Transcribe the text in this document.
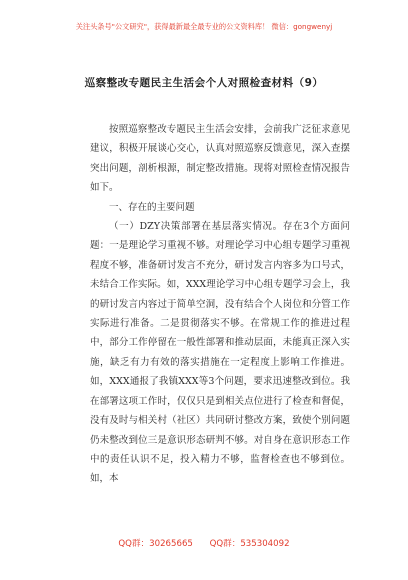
关注头条号"公文研究"，获得最新最全最专业的公文资料库！ 微信：gongwenyj
巡察整改专题民主生活会个人对照检查材料（9）

按照巡察整改专题民主生活会安排，会前我广泛征求意见建议，积极开展谈心交心，认真对照巡察反馈意见，深入查摆突出问题，剖析根源，制定整改措施。现将对照检查情况报告如下。

一、存在的主要问题

（一）DZY决策部署在基层落实情况。存在3个方面问题：一是理论学习重视不够。对理论学习中心组专题学习重视程度不够，准备研讨发言不充分，研讨发言内容多为口号式，未结合工作实际。如，XXX理论学习中心组专题学习会上，我的研讨发言内容过于简单空洞，没有结合个人岗位和分管工作实际进行准备。二是贯彻落实不够。在常规工作的推进过程中，部分工作停留在一般性部署和推动层面，未能真正深入实施，缺乏有力有效的落实措施在一定程度上影响工作推进。如，XXX通报了我镇XXX等3个问题，要求迅速整改到位。我在部署这项工作时，仅仅只是到相关点位进行了检查和督促，没有及时与相关村（社区）共同研讨整改方案，致使个别问题仍未整改到位三是意识形态研判不够。对自身在意识形态工作中的责任认识不足，投入精力不够，监督检查也不够到位。如，本

QQ群：30265665 QQ群：535304092
